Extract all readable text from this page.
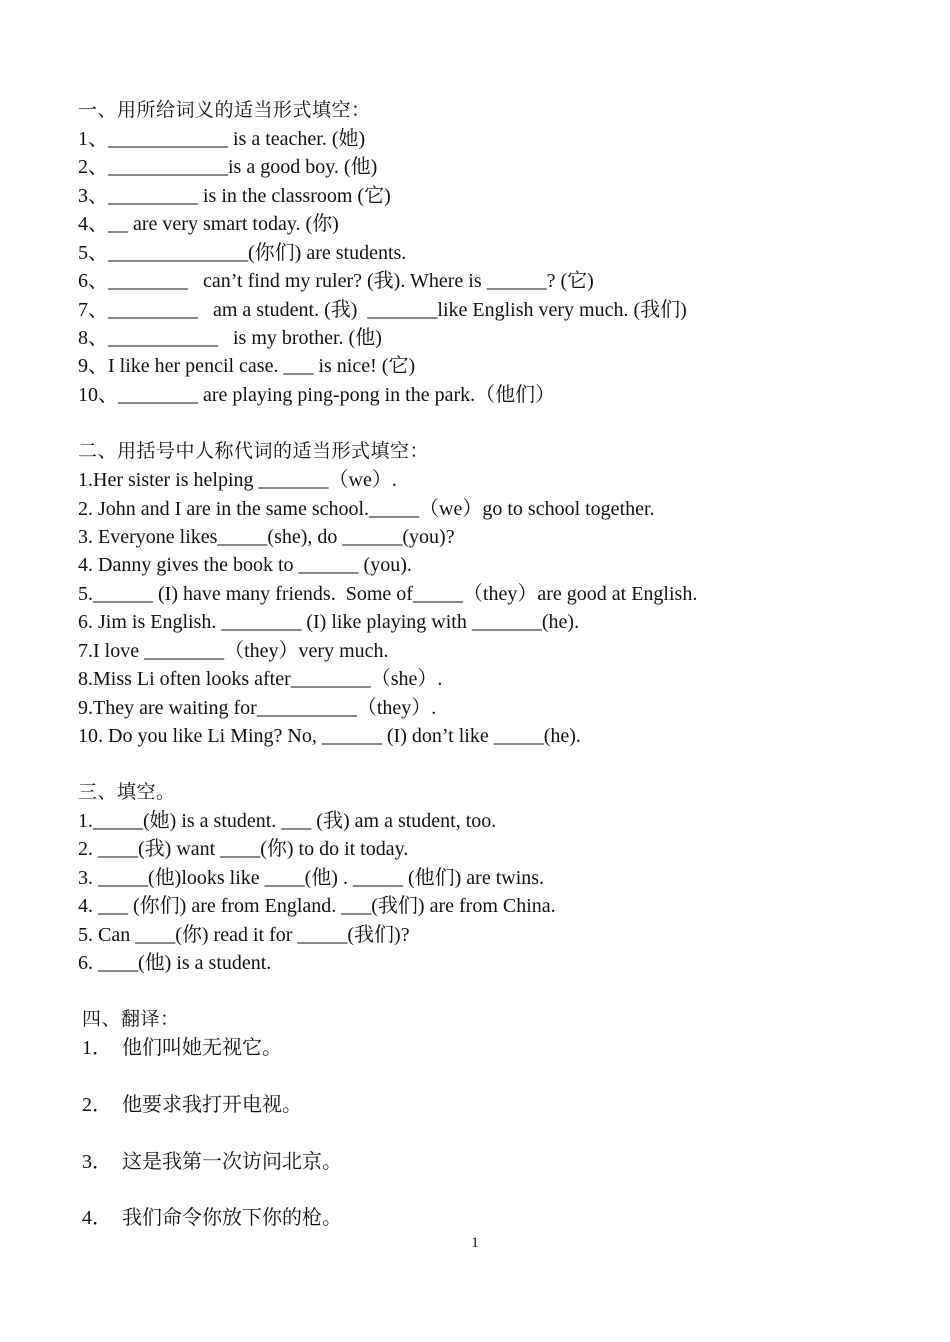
一、用所给词义的适当形式填空：

1、____________ is a teacher. (她)

2、____________is a good boy. (他)

3、_________ is in the classroom (它)

4、__ are very smart today. (你)

5、______________(你们) are students.

6、________   can’t find my ruler? (我). Where is ______? (它)

7、_________   am a student. (我)  _______like English very much. (我们)

8、___________   is my brother. (他)

9、I like her pencil case. ___ is nice! (它)

10、________ are playing ping-pong in the park.（他们）

二、用括号中人称代词的适当形式填空：

1.Her sister is helping _______（we）.

2. John and I are in the same school._____（we）go to school together.

3. Everyone likes_____(she), do ______(you)?

4. Danny gives the book to ______ (you).

5.______ (I) have many friends.  Some of_____（they）are good at English.

6. Jim is English. ________ (I) like playing with _______(he).

7.I love ________（they）very much.

8.Miss Li often looks after________（she）.

9.They are waiting for__________（they）.

10. Do you like Li Ming? No, ______ (I) don’t like _____(he).

三、填空。

1._____(她) is a student. ___ (我) am a student, too.

2. ____(我) want ____(你) to do it today.

3. _____(他)looks like ____(他) . _____ (他们) are twins.

4. ___ (你们) are from England. ___(我们) are from China.

5. Can ____(你) read it for _____(我们)?

6. ____(他) is a student.

四、翻译：

1．  他们叫她无视它。

2．  他要求我打开电视。

3．  这是我第一次访问北京。

4．  我们命令你放下你的枪。

1
